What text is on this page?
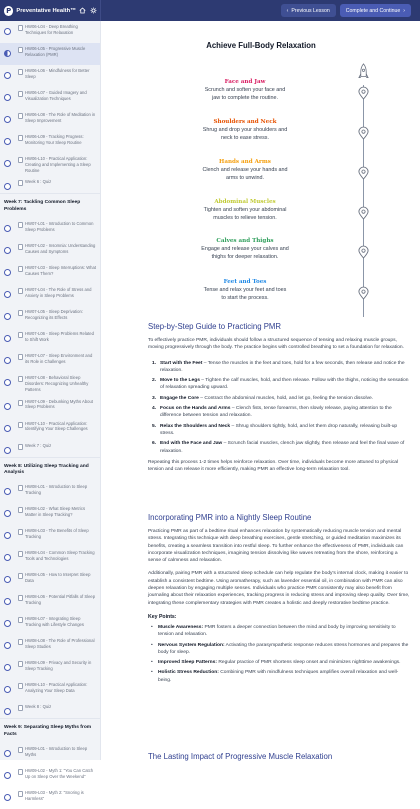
P Preventative Health™	‹ Previous Lesson	Complete and Continue ›
HW06-L04 - Deep Breathing Techniques for Relaxation
HW06-L05 - Progressive Muscle Relaxation (PMR)
HW06-L06 - Mindfulness for Better Sleep
HW06-L07 - Guided Imagery and Visualization Techniques
HW06-L08 - The Role of Meditation in Sleep Improvement
HW06-L09 - Tracking Progress: Monitoring Your Sleep Routine
HW06-L10 - Practical Application: Creating and Implementing a Sleep Routine
Week 6 : Quiz
Week 7: Tackling Common Sleep Problems
HW07-L01 - Introduction to Common Sleep Problems
HW07-L02 - Insomnia: Understanding Causes and Symptoms
HW07-L03 - Sleep Interruptions: What Causes Them?
HW07-L04 - The Role of Stress and Anxiety in Sleep Problems
HW07-L05 - Sleep Deprivation: Recognizing its Effects
HW07-L06 - Sleep Problems Related to Shift Work
HW07-L07 - Sleep Environment and its Role in Challenges
HW07-L08 - Behavioral Sleep Disorders: Recognizing Unhealthy Patterns
HW07-L09 - Debunking Myths About Sleep Problems
HW07-L10 - Practical Application: Identifying Your Sleep Challenges
Week 7 : Quiz
Week 8: Utilizing Sleep Tracking and Analysis
HW08-L01 - Introduction to Sleep Tracking
HW08-L02 - What Sleep Metrics Matter in Sleep Tracking?
HW08-L03 - The Benefits of Sleep Tracking
HW08-L04 - Common Sleep Tracking Tools and Technologies
HW08-L05 - How to Interpret Sleep Data
HW08-L06 - Potential Pitfalls of Sleep Tracking
HW08-L07 - Integrating Sleep Tracking with Lifestyle Changes
HW08-L08 - The Role of Professional Sleep Studies
HW08-L09 - Privacy and Security in Sleep Tracking
HW08-L10 - Practical Application: Analyzing Your Sleep Data
Week 8 : Quiz
Week 9: Separating Sleep Myths from Facts
HW09-L01 - Introduction to Sleep Myths
HW09-L02 - Myth 1: "You Can Catch Up on Sleep Over the Weekend"
HW09-L03 - Myth 2: "Snoring is Harmless"
Achieve Full-Body Relaxation
Face and Jaw
Scrunch and soften your face and
jaw to complete the routine.
Shoulders and Neck
Shrug and drop your shoulders and
neck to ease stress.
Hands and Arms
Clench and release your hands and
arms to unwind.
Abdominal Muscles
Tighten and soften your abdominal
muscles to relieve tension.
Calves and Thighs
Engage and release your calves and
thighs for deeper relaxation.
Feet and Toes
Tense and relax your feet and toes
to start the process.
Step-by-Step Guide to Practicing PMR
To effectively practice PMR, individuals should follow a structured sequence of tensing and relaxing muscle groups, moving progressively through the body. The practice begins with controlled breathing to set a foundation for relaxation.
1. Start with the Feet – Tense the muscles in the feet and toes, hold for a few seconds, then release and notice the relaxation.
2. Move to the Legs – Tighten the calf muscles, hold, and then release. Follow with the thighs, noticing the sensation of relaxation spreading upward.
3. Engage the Core – Contract the abdominal muscles, hold, and let go, feeling the tension dissolve.
4. Focus on the Hands and Arms – Clench fists, tense forearms, then slowly release, paying attention to the difference between tension and relaxation.
5. Relax the Shoulders and Neck – Shrug shoulders tightly, hold, and let them drop naturally, releasing built-up stress.
6. End with the Face and Jaw – Scrunch facial muscles, clench jaw slightly, then release and feel the final wave of relaxation.
Repeating this process 1-2 times helps reinforce relaxation. Over time, individuals become more attuned to physical tension and can release it more efficiently, making PMR an effective long-term relaxation tool.
Incorporating PMR into a Nightly Sleep Routine
Practicing PMR as part of a bedtime ritual enhances relaxation by systematically reducing muscle tension and mental stress. Integrating this technique with deep breathing exercises, gentle stretching, or guided meditation maximizes its benefits, creating a seamless transition into restful sleep. To further enhance the effectiveness of PMR, individuals can incorporate visualization techniques, imagining tension dissolving like waves retreating from the shore, reinforcing a sense of calmness and relaxation.
Additionally, pairing PMR with a structured sleep schedule can help regulate the body's internal clock, making it easier to establish a consistent bedtime. Using aromatherapy, such as lavender essential oil, in combination with PMR can also deepen relaxation by engaging multiple senses. Individuals who practice PMR consistently may also benefit from journaling about their relaxation experiences, tracking progress in reducing stress and improving sleep quality. Over time, integrating these complementary strategies with PMR creates a holistic and deeply restorative bedtime practice.
Key Points:
•	Muscle Awareness: PMR fosters a deeper connection between the mind and body by improving sensitivity to tension and relaxation.
•	Nervous System Regulation: Activating the parasympathetic response reduces stress hormones and prepares the body for sleep.
•	Improved Sleep Patterns: Regular practice of PMR shortens sleep onset and minimizes nighttime awakenings.
•	Holistic Stress Reduction: Combining PMR with mindfulness techniques amplifies overall relaxation and well-being.
The Lasting Impact of Progressive Muscle Relaxation
